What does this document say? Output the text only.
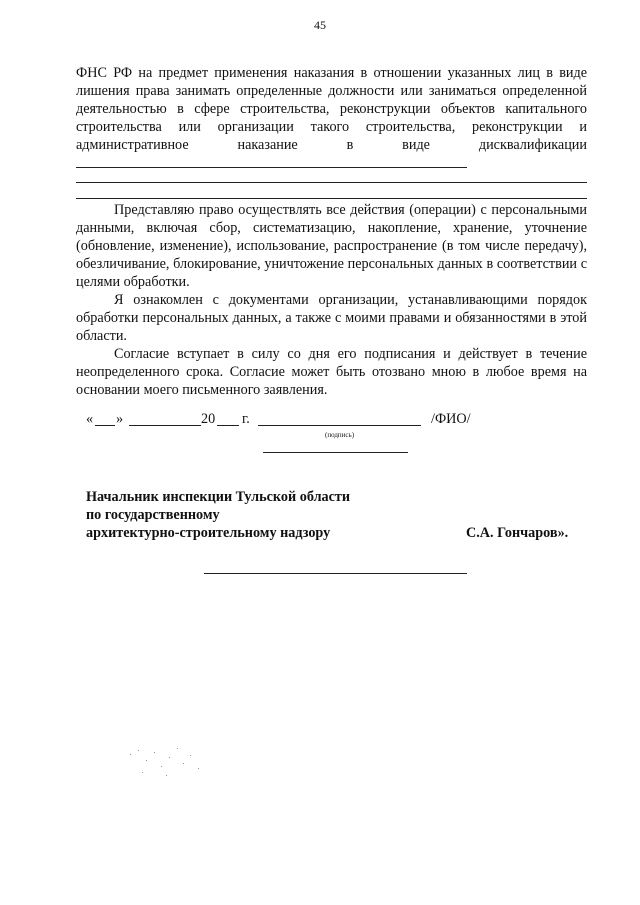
45

ФНС РФ на предмет применения наказания в отношении указанных лиц в виде лишения права занимать определенные должности или заниматься определенной деятельностью в сфере строительства, реконструкции объектов капитального строительства или организации такого строительства, реконструкции и административное наказание в виде дисквалификации

Представляю право осуществлять все действия (операции) с персональными данными, включая сбор, систематизацию, накопление, хранение, уточнение (обновление, изменение), использование, распространение (в том числе передачу), обезличивание, блокирование, уничтожение персональных данных в соответствии с целями обработки.

Я ознакомлен с документами организации, устанавливающими порядок обработки персональных данных, а также с моими правами и обязанностями в этой области.

Согласие вступает в силу со дня его подписания и действует в течение неопределенного срока. Согласие может быть отозвано мною в любое время на основании моего письменного заявления.

« »	20 г.	/ФИО/
(подпись)
Начальник инспекции Тульской области
по государственному
архитектурно-строительному надзору	С.А. Гончаров».
